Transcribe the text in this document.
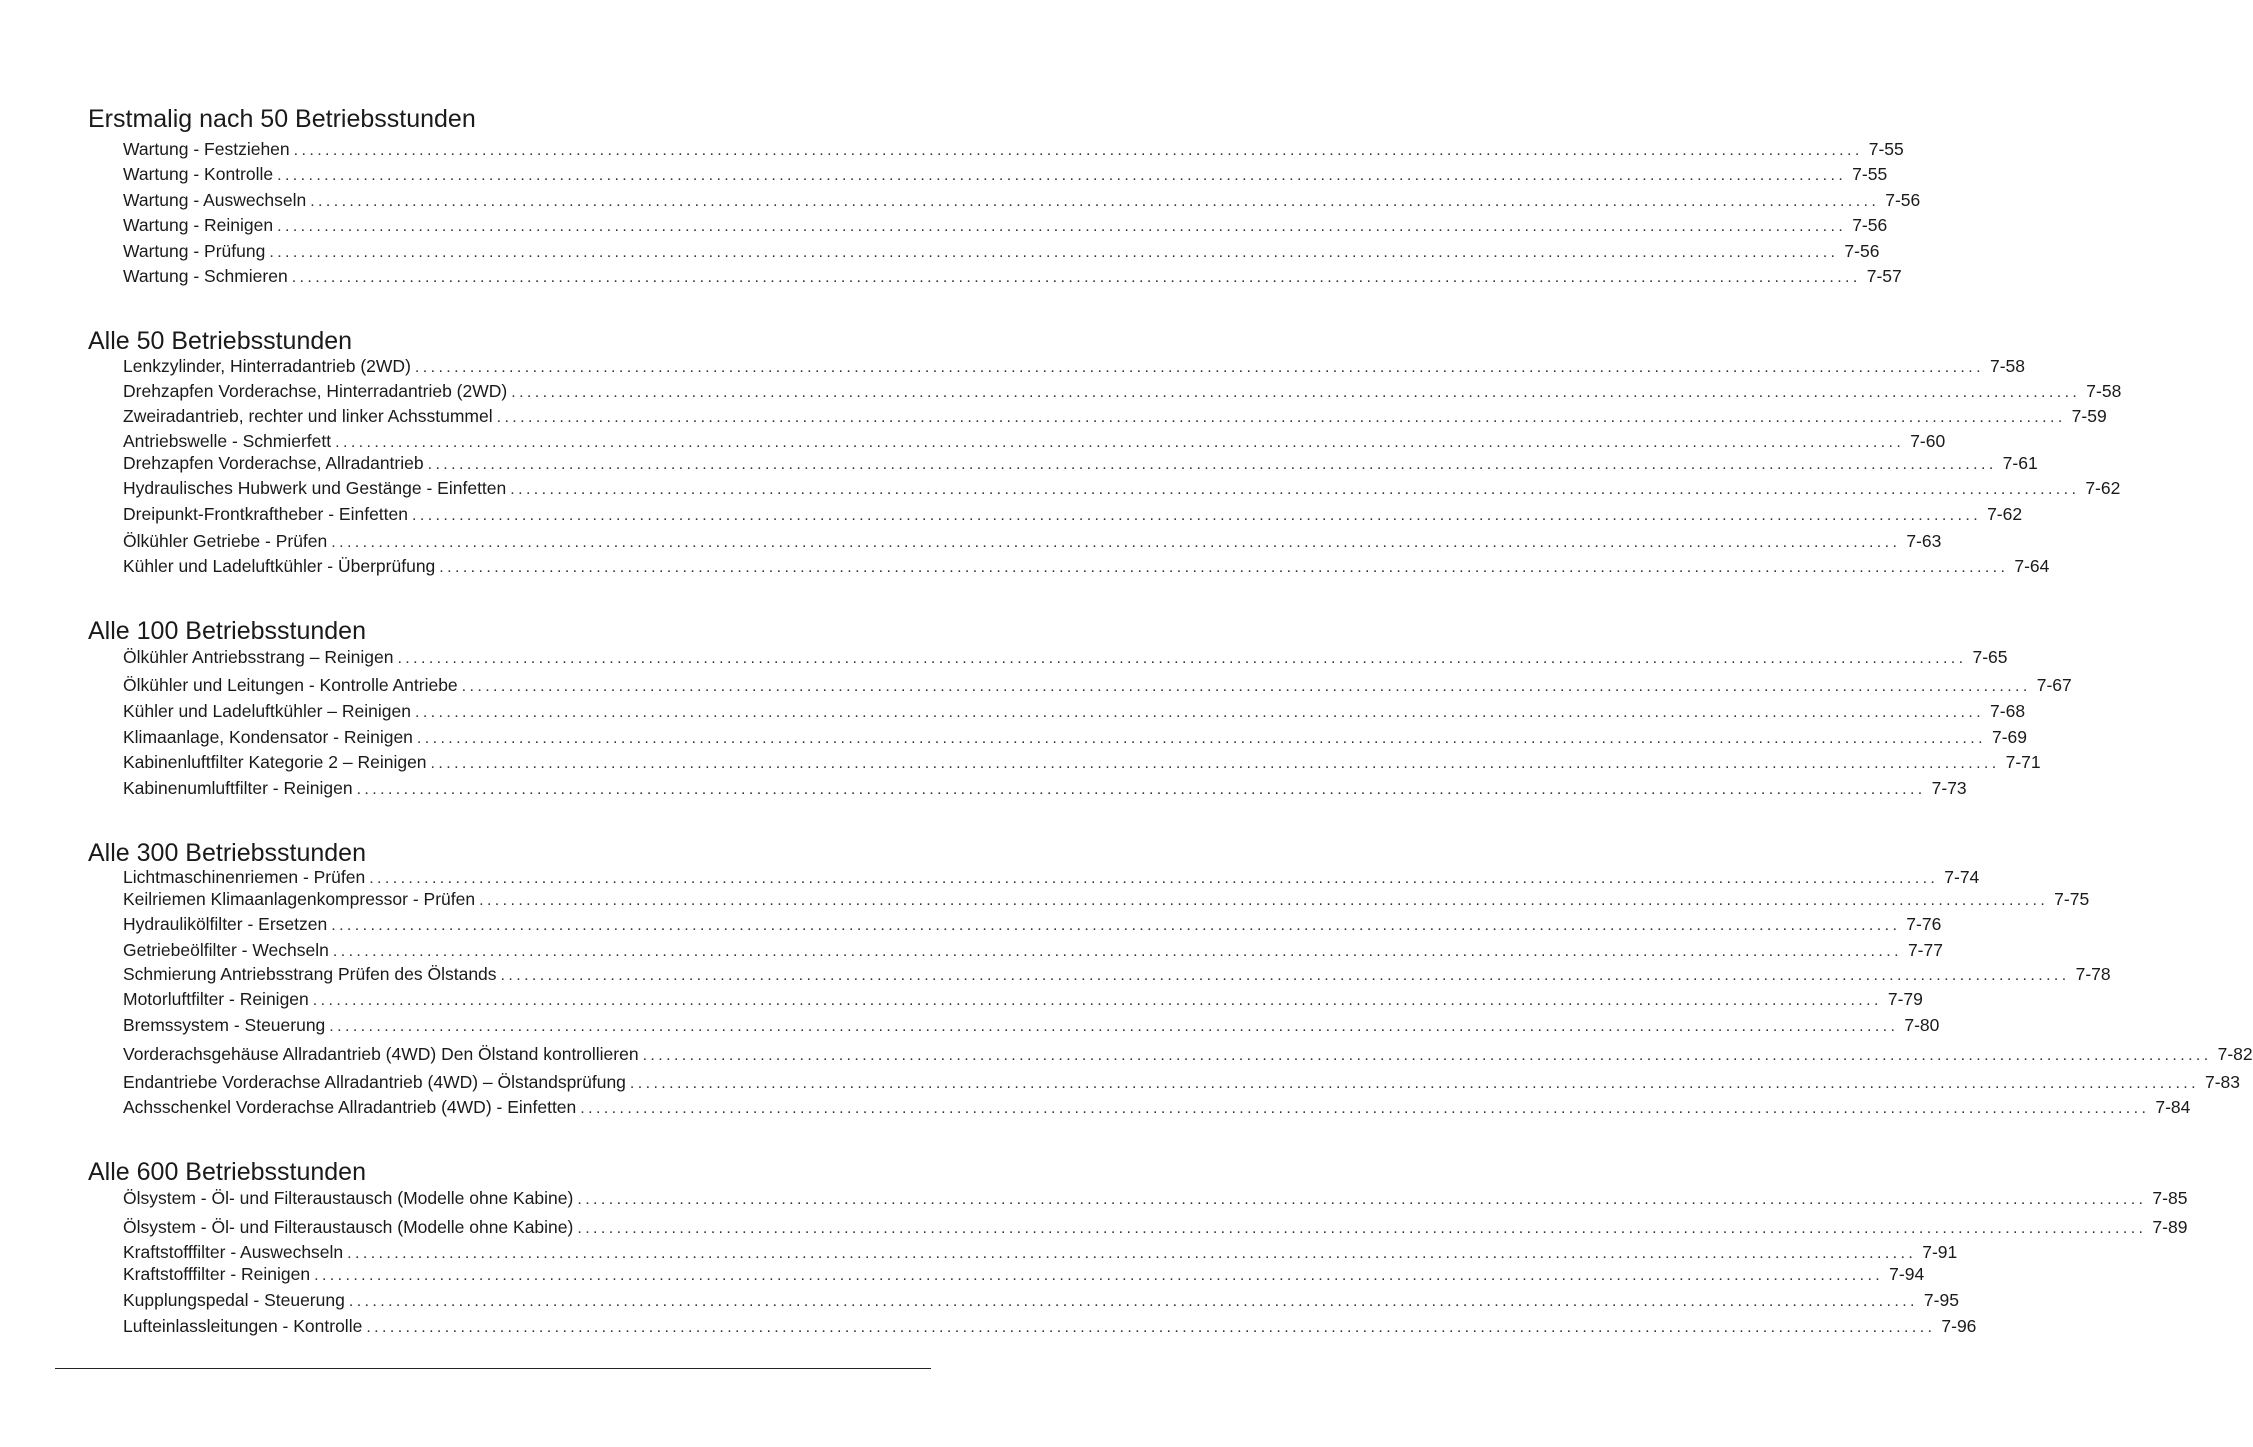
Erstmalig nach 50 Betriebsstunden
Wartung - Festziehen ........................................................................................................................................................................................................ 7-55
Wartung - Kontrolle ........................................................................................................................................................................................................ 7-55
Wartung - Auswechseln ........................................................................................................................................................................................................ 7-56
Wartung - Reinigen ........................................................................................................................................................................................................ 7-56
Wartung - Prüfung ........................................................................................................................................................................................................ 7-56
Wartung - Schmieren ........................................................................................................................................................................................................ 7-57
Alle 50 Betriebsstunden
Lenkzylinder, Hinterradantrieb (2WD) ........................................................................................................................................................................................................ 7-58
Drehzapfen Vorderachse, Hinterradantrieb (2WD) ........................................................................................................................................................................................................ 7-58
Zweiradantrieb, rechter und linker Achsstummel ........................................................................................................................................................................................................ 7-59
Antriebswelle - Schmierfett ........................................................................................................................................................................................................ 7-60
Drehzapfen Vorderachse, Allradantrieb ........................................................................................................................................................................................................ 7-61
Hydraulisches Hubwerk und Gestänge - Einfetten ........................................................................................................................................................................................................ 7-62
Dreipunkt-Frontkraftheber - Einfetten ........................................................................................................................................................................................................ 7-62
Ölkühler Getriebe - Prüfen ........................................................................................................................................................................................................ 7-63
Kühler und Ladeluftkühler - Überprüfung ........................................................................................................................................................................................................ 7-64
Alle 100 Betriebsstunden
Ölkühler Antriebsstrang – Reinigen ........................................................................................................................................................................................................ 7-65
Ölkühler und Leitungen - Kontrolle Antriebe ........................................................................................................................................................................................................ 7-67
Kühler und Ladeluftkühler – Reinigen ........................................................................................................................................................................................................ 7-68
Klimaanlage, Kondensator - Reinigen ........................................................................................................................................................................................................ 7-69
Kabinenluftfilter Kategorie 2 – Reinigen ........................................................................................................................................................................................................ 7-71
Kabinenumluftfilter - Reinigen ........................................................................................................................................................................................................ 7-73
Alle 300 Betriebsstunden
Lichtmaschinenriemen - Prüfen ........................................................................................................................................................................................................ 7-74
Keilriemen Klimaanlagenkompressor - Prüfen ........................................................................................................................................................................................................ 7-75
Hydraulikölfilter - Ersetzen ........................................................................................................................................................................................................ 7-76
Getriebeölfilter - Wechseln ........................................................................................................................................................................................................ 7-77
Schmierung Antriebsstrang Prüfen des Ölstands ........................................................................................................................................................................................................ 7-78
Motorluftfilter - Reinigen ........................................................................................................................................................................................................ 7-79
Bremssystem - Steuerung ........................................................................................................................................................................................................ 7-80
Vorderachsgehäuse Allradantrieb (4WD) Den Ölstand kontrollieren ........................................................................................................................................................................................................ 7-82
Endantriebe Vorderachse Allradantrieb (4WD) – Ölstandsprüfung ........................................................................................................................................................................................................ 7-83
Achsschenkel Vorderachse Allradantrieb (4WD) - Einfetten ........................................................................................................................................................................................................ 7-84
Alle 600 Betriebsstunden
Ölsystem - Öl- und Filteraustausch (Modelle ohne Kabine) ........................................................................................................................................................................................................ 7-85
Ölsystem - Öl- und Filteraustausch (Modelle ohne Kabine) ........................................................................................................................................................................................................ 7-89
Kraftstofffilter - Auswechseln ........................................................................................................................................................................................................ 7-91
Kraftstofffilter - Reinigen ........................................................................................................................................................................................................ 7-94
Kupplungspedal - Steuerung ........................................................................................................................................................................................................ 7-95
Lufteinlassleitungen - Kontrolle ........................................................................................................................................................................................................ 7-96
